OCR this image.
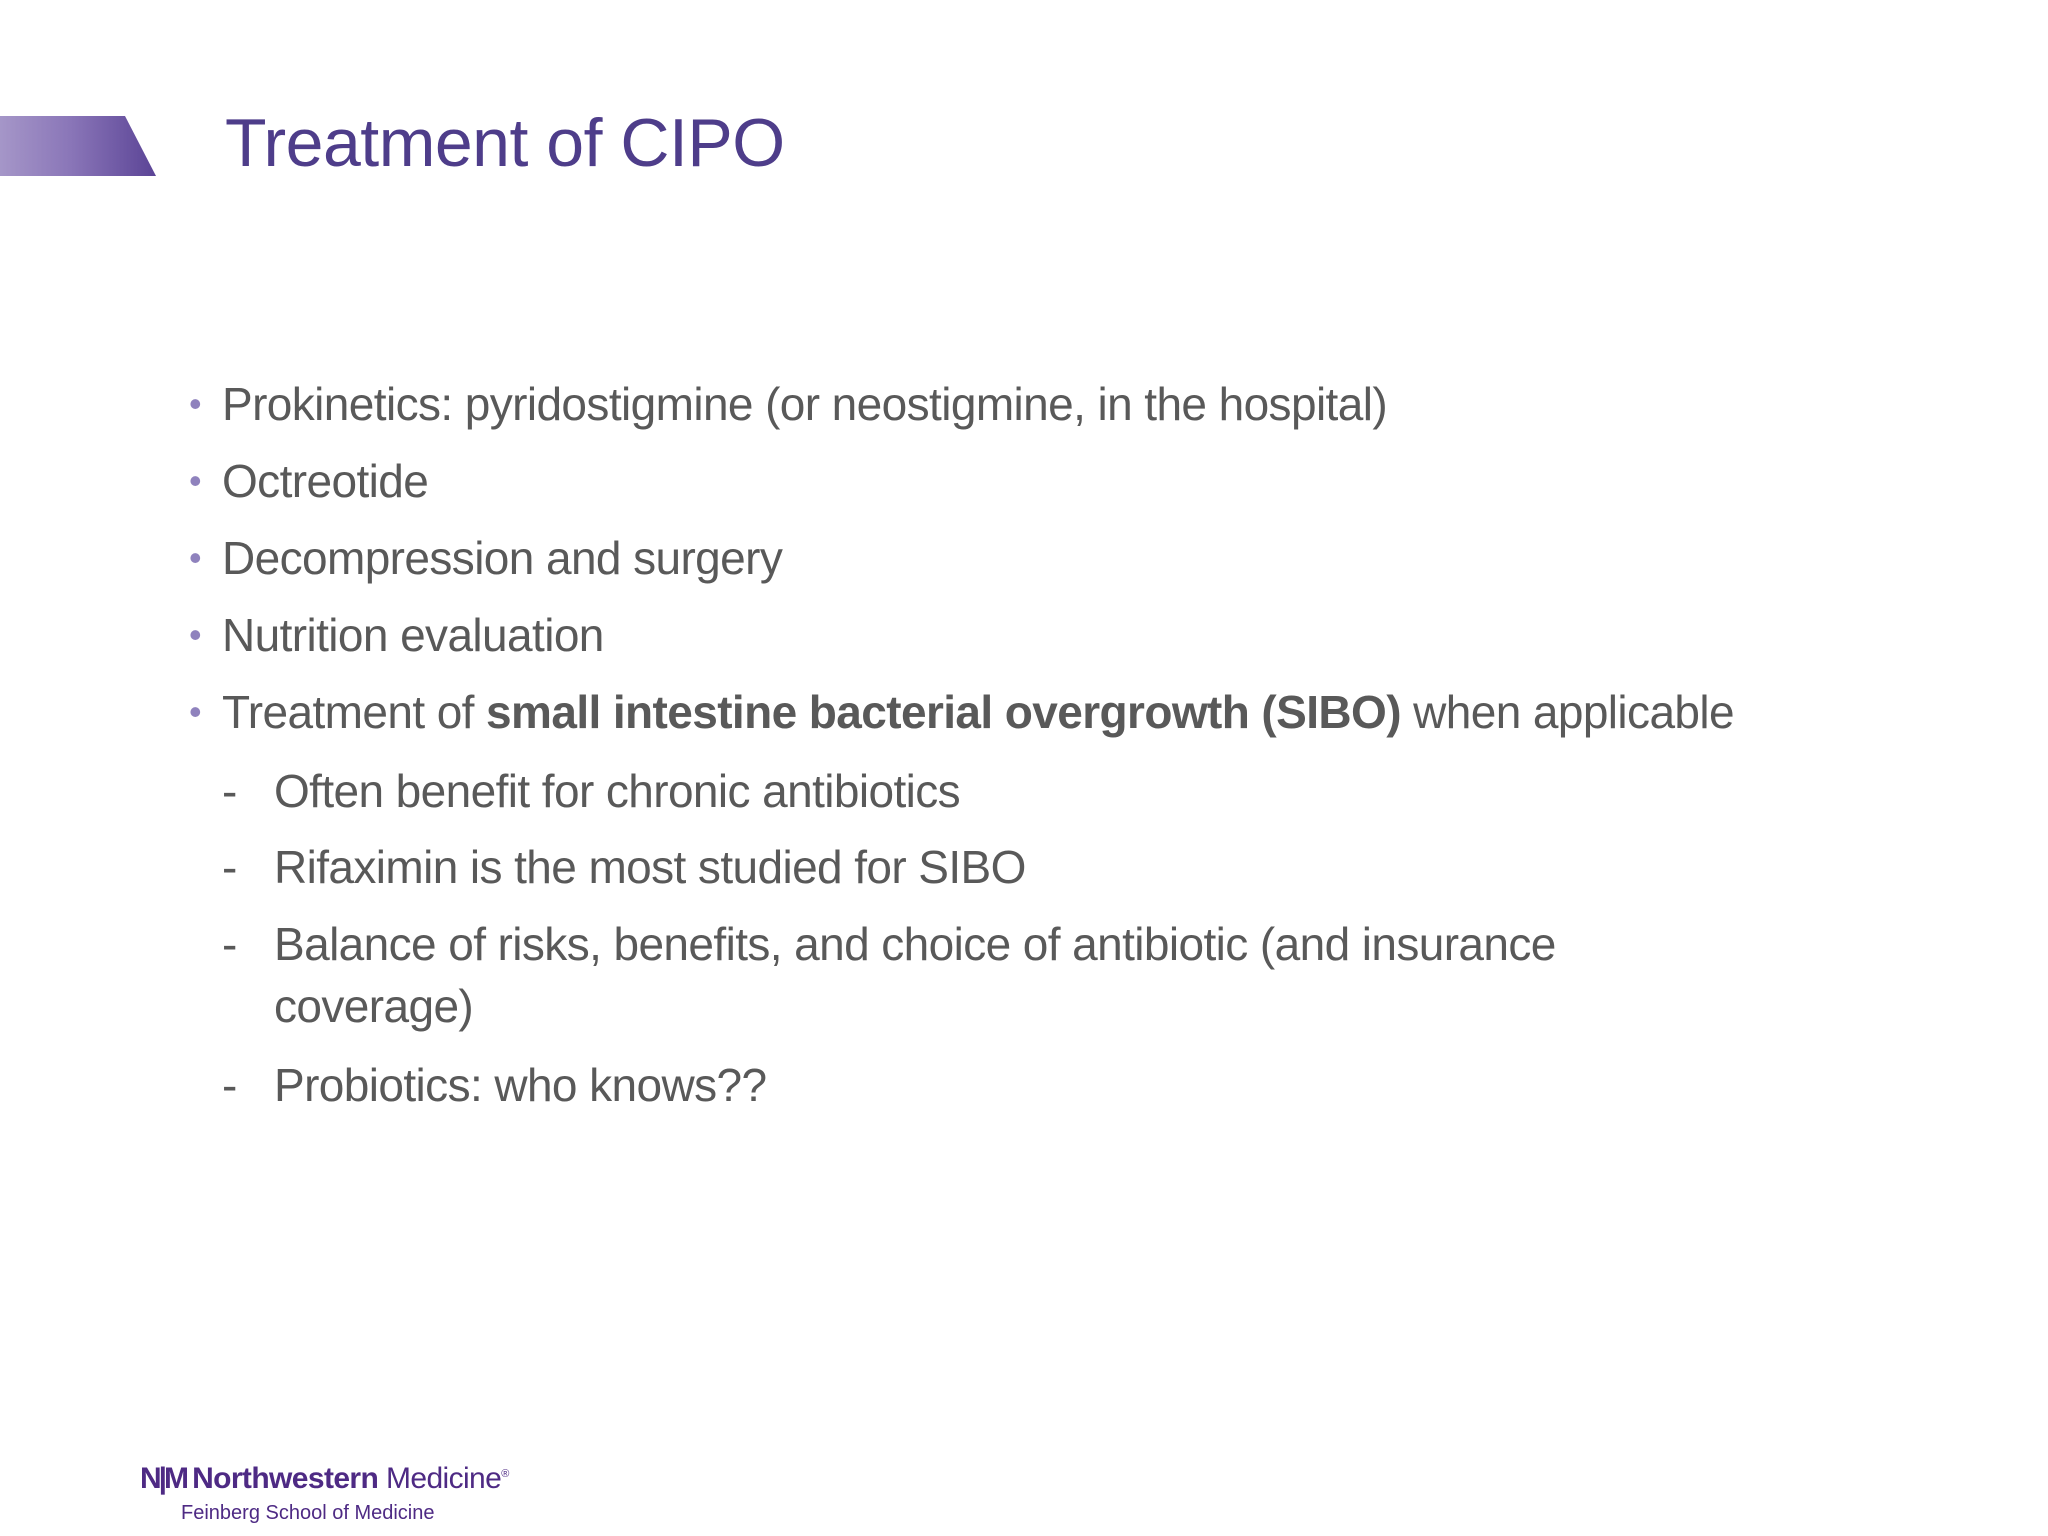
Treatment of CIPO
• Prokinetics: pyridostigmine (or neostigmine, in the hospital)
• Octreotide
• Decompression and surgery
• Nutrition evaluation
• Treatment of small intestine bacterial overgrowth (SIBO) when applicable
- Often benefit for chronic antibiotics
- Rifaximin is the most studied for SIBO
- Balance of risks, benefits, and choice of antibiotic (and insurance coverage)
- Probiotics: who knows??
N|M Northwestern Medicine®
Feinberg School of Medicine
